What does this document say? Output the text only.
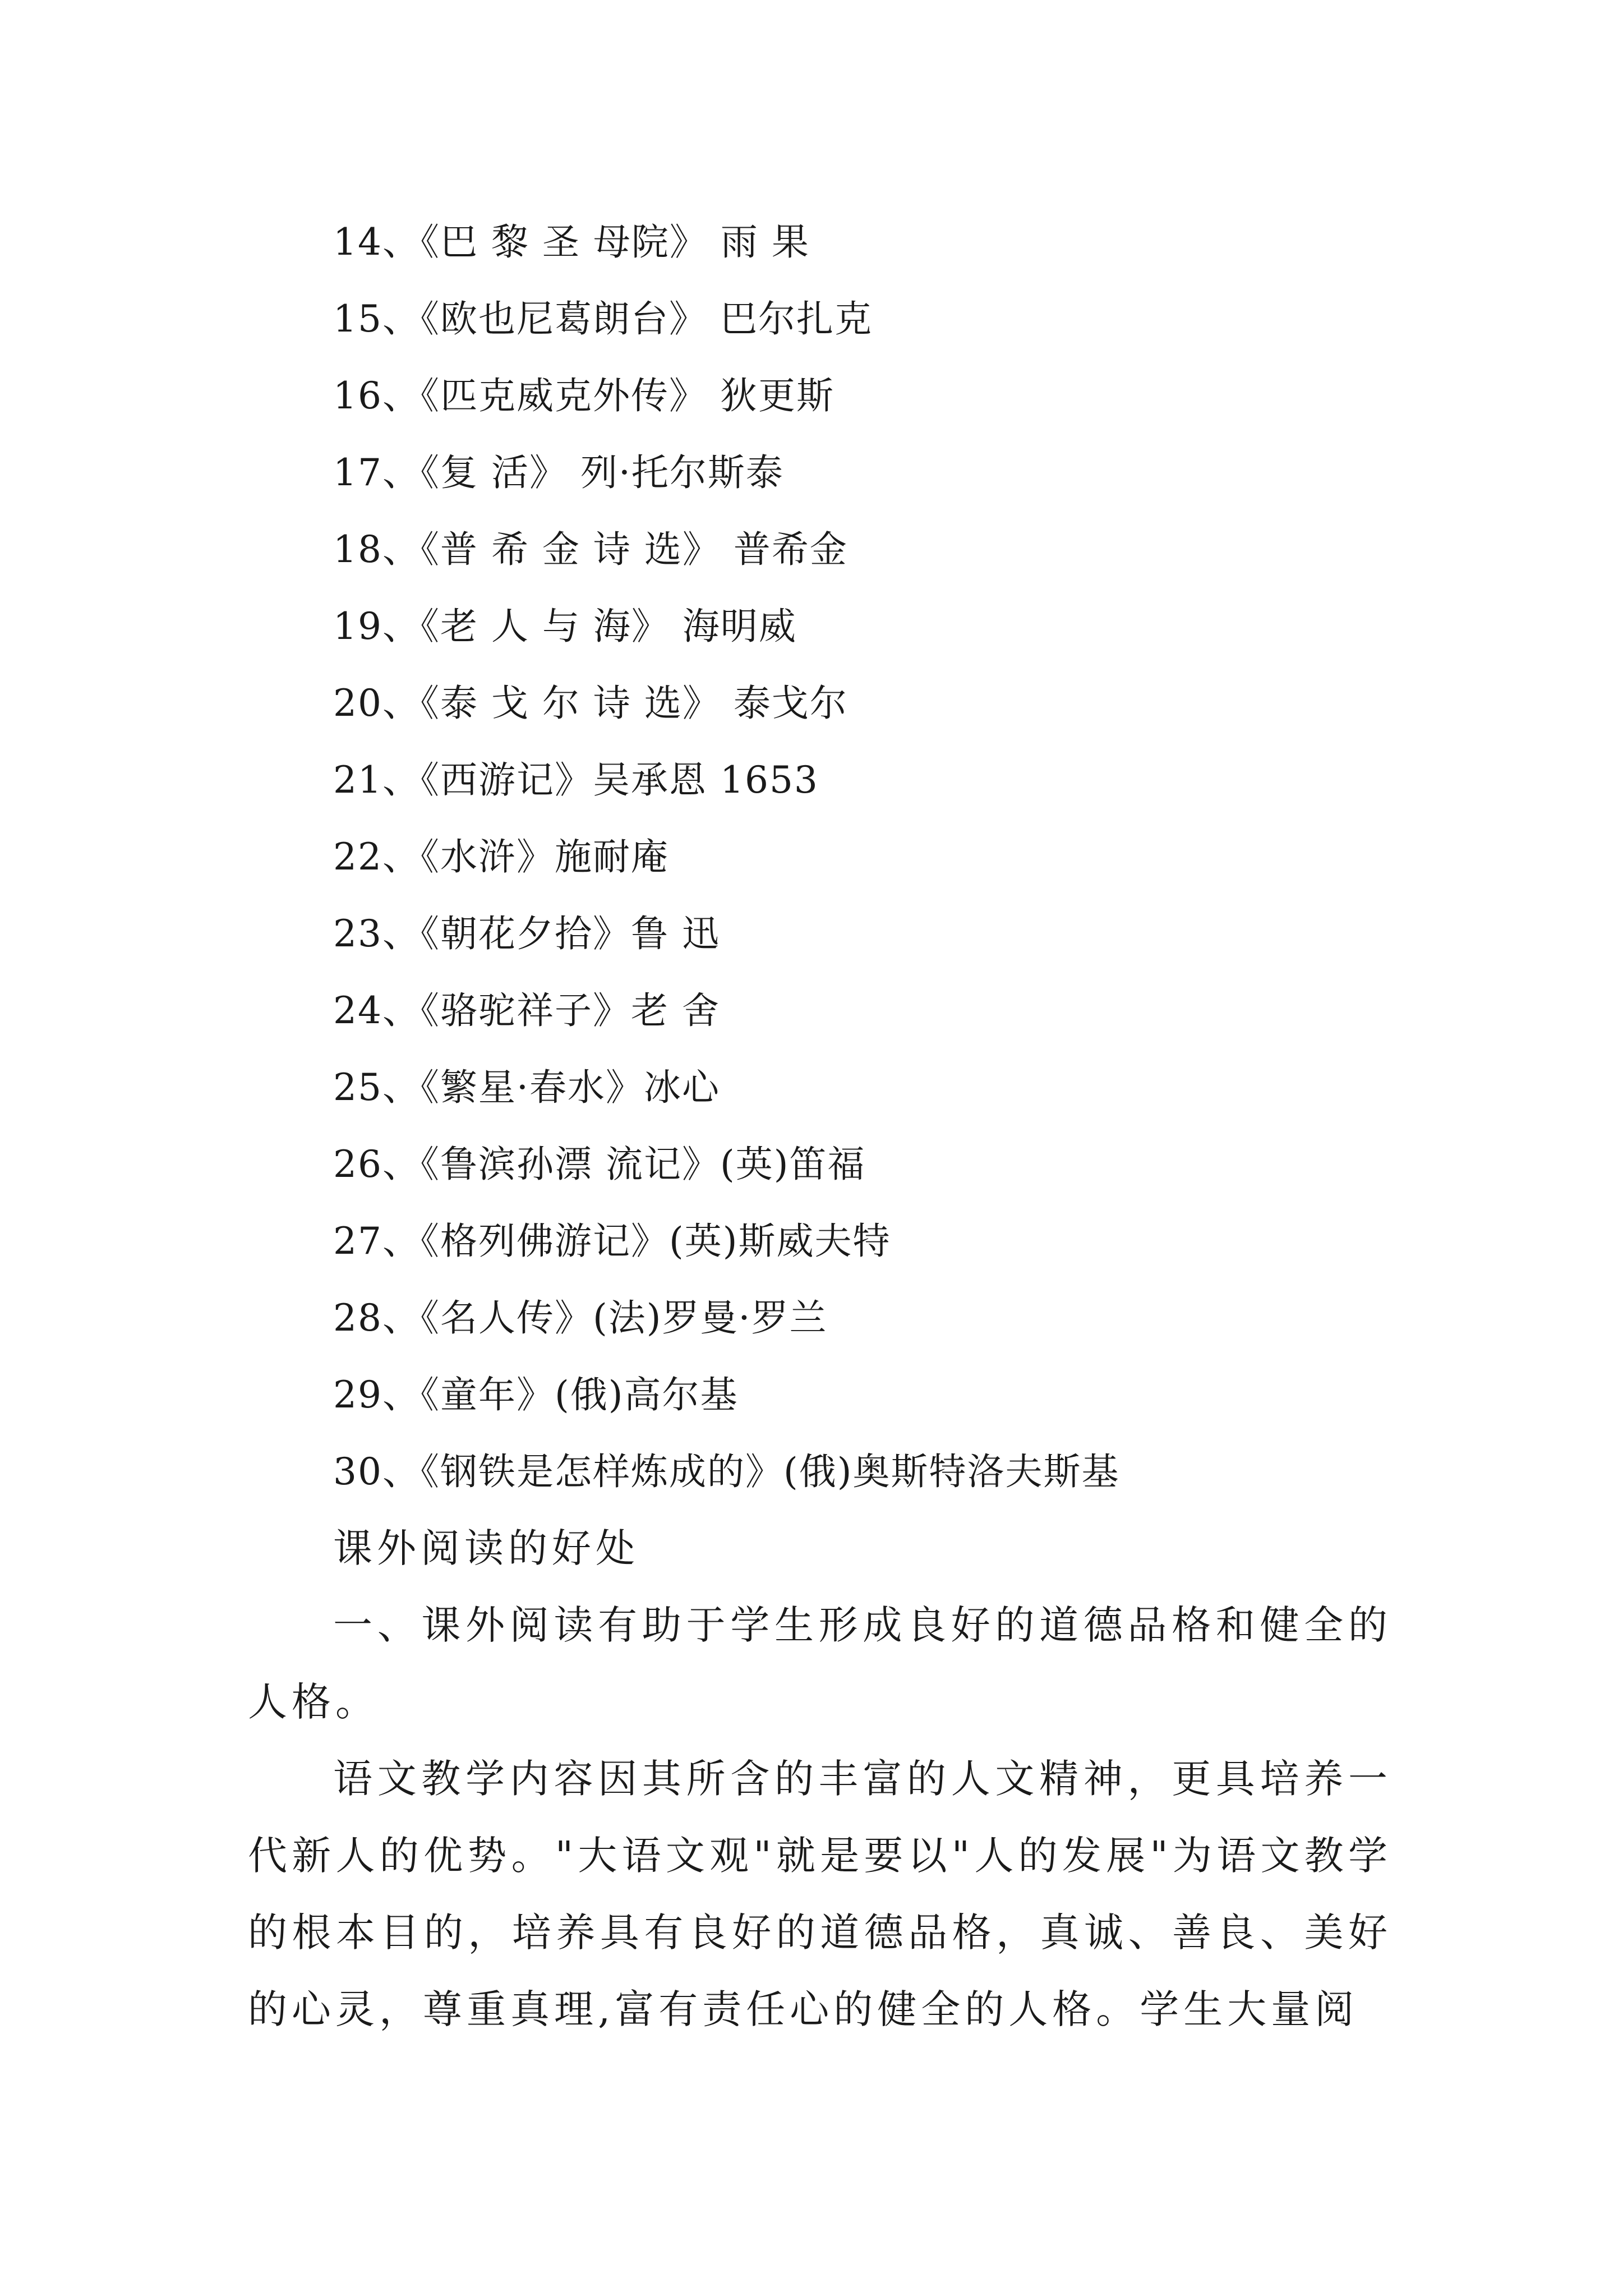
14、《巴 黎 圣 母院》 雨 果
15、《欧也尼葛朗台》 巴尔扎克
16、《匹克威克外传》 狄更斯
17、《复 活》 列·托尔斯泰
18、《普 希 金 诗 选》 普希金
19、《老 人 与 海》 海明威
20、《泰 戈 尔 诗 选》 泰戈尔
21、《西游记》吴承恩 1653
22、《水浒》施耐庵
23、《朝花夕拾》鲁 迅
24、《骆驼祥子》老 舍
25、《繁星·春水》冰心
26、《鲁滨孙漂 流记》(英)笛福
27、《格列佛游记》(英)斯威夫特
28、《名人传》(法)罗曼·罗兰
29、《童年》(俄)高尔基
30、《钢铁是怎样炼成的》(俄)奥斯特洛夫斯基

课外阅读的好处

一、课外阅读有助于学生形成良好的道德品格和健全的人格。

语文教学内容因其所含的丰富的人文精神，更具培养一代新人的优势。"大语文观"就是要以"人的发展"为语文教学的根本目的，培养具有良好的道德品格，真诚、善良、美好的心灵，尊重真理,富有责任心的健全的人格。学生大量阅
